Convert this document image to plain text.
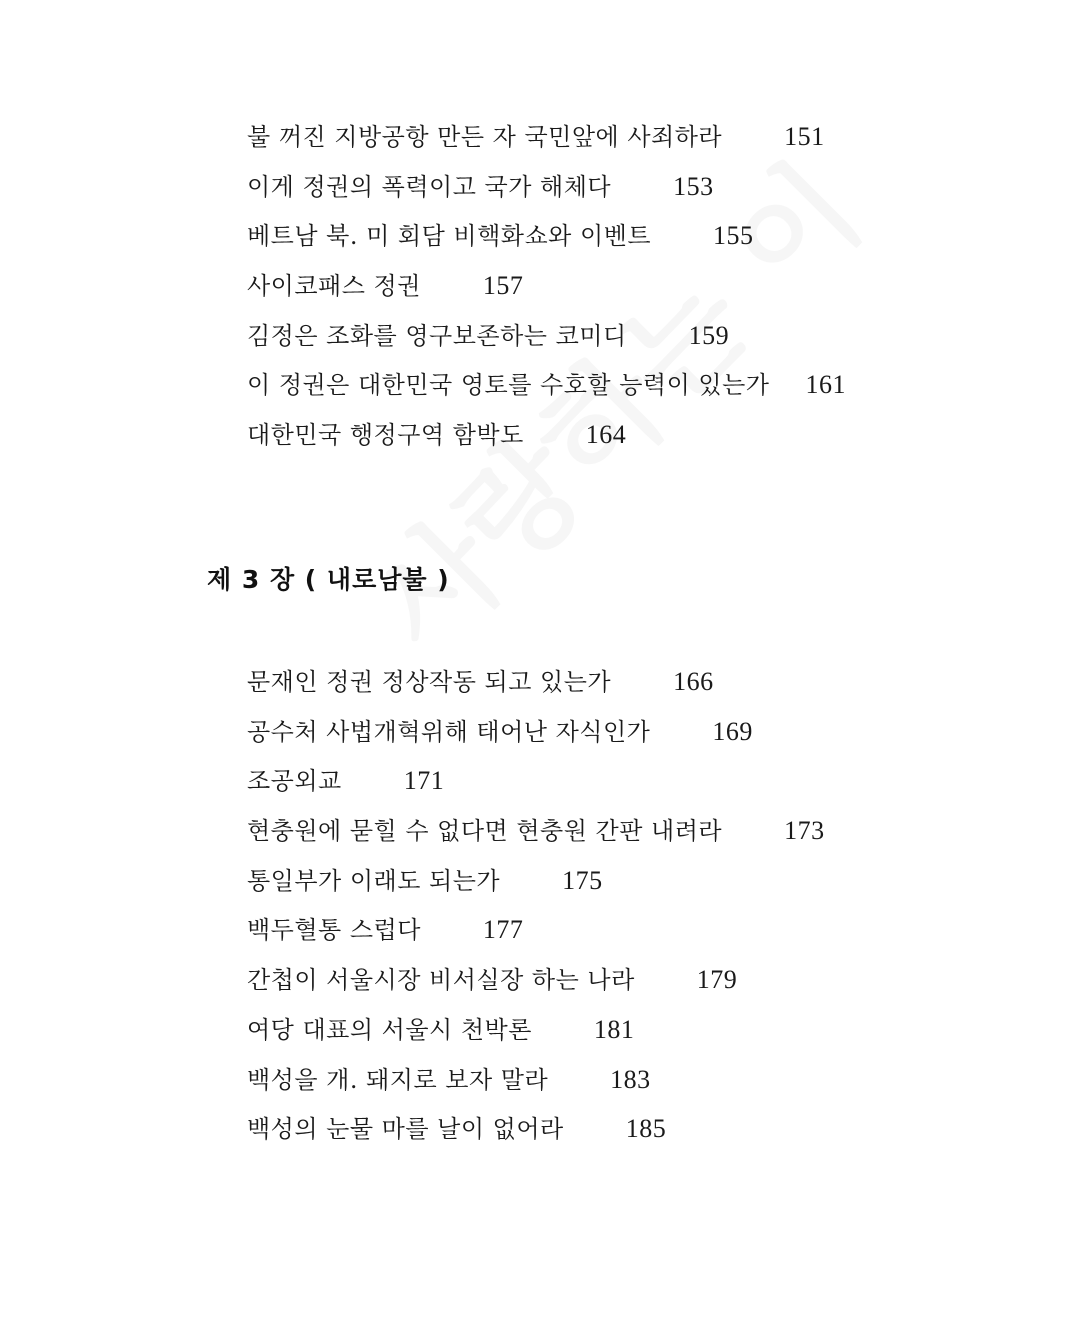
불 꺼진 지방공항 만든 자 국민앞에 사죄하라 151
이게 정권의 폭력이고 국가 해체다 153
베트남 북. 미 회담 비핵화쇼와 이벤트 155
사이코패스 정권 157
김정은 조화를 영구보존하는 코미디 159
이 정권은 대한민국 영토를 수호할 능력이 있는가 161
대한민국 행정구역 함박도 164
제 3 장 ( 내로남불 )
문재인 정권 정상작동 되고 있는가 166
공수처 사법개혁위해 태어난 자식인가 169
조공외교 171
현충원에 묻힐 수 없다면 현충원 간판 내려라 173
통일부가 이래도 되는가 175
백두혈통 스럽다 177
간첩이 서울시장 비서실장 하는 나라 179
여당 대표의 서울시 천박론 181
백성을 개. 돼지로 보자 말라 183
백성의 눈물 마를 날이 없어라 185
